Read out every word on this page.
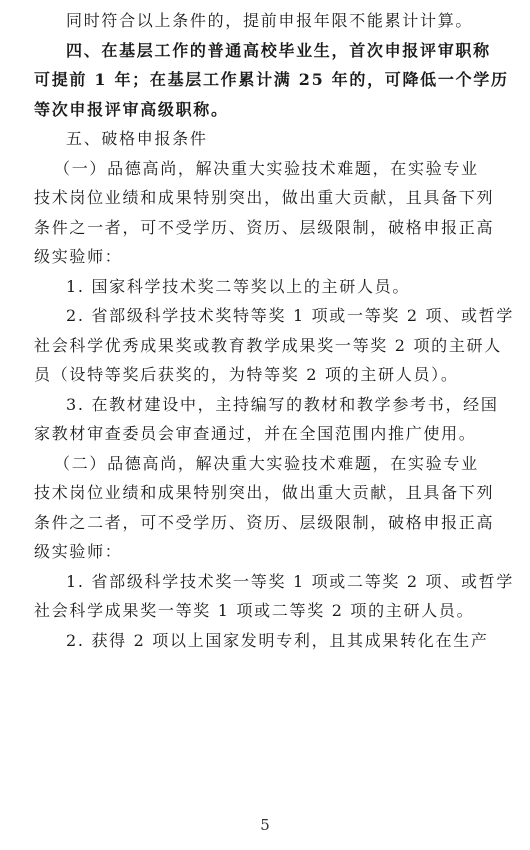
同时符合以上条件的，提前申报年限不能累计计算。

四、在基层工作的普通高校毕业生，首次申报评审职称

可提前 1 年；在基层工作累计满 25 年的，可降低一个学历

等次申报评审高级职称。

五、破格申报条件

（一）品德高尚，解决重大实验技术难题，在实验专业

技术岗位业绩和成果特别突出，做出重大贡献，且具备下列

条件之一者，可不受学历、资历、层级限制，破格申报正高

级实验师：

1. 国家科学技术奖二等奖以上的主研人员。

2. 省部级科学技术奖特等奖 1 项或一等奖 2 项、或哲学

社会科学优秀成果奖或教育教学成果奖一等奖 2 项的主研人

员（设特等奖后获奖的，为特等奖 2 项的主研人员）。

3. 在教材建设中，主持编写的教材和教学参考书，经国

家教材审查委员会审查通过，并在全国范围内推广使用。

（二）品德高尚，解决重大实验技术难题，在实验专业

技术岗位业绩和成果特别突出，做出重大贡献，且具备下列

条件之二者，可不受学历、资历、层级限制，破格申报正高

级实验师：

1. 省部级科学技术奖一等奖 1 项或二等奖 2 项、或哲学

社会科学成果奖一等奖 1 项或二等奖 2 项的主研人员。

2. 获得 2 项以上国家发明专利，且其成果转化在生产

5
